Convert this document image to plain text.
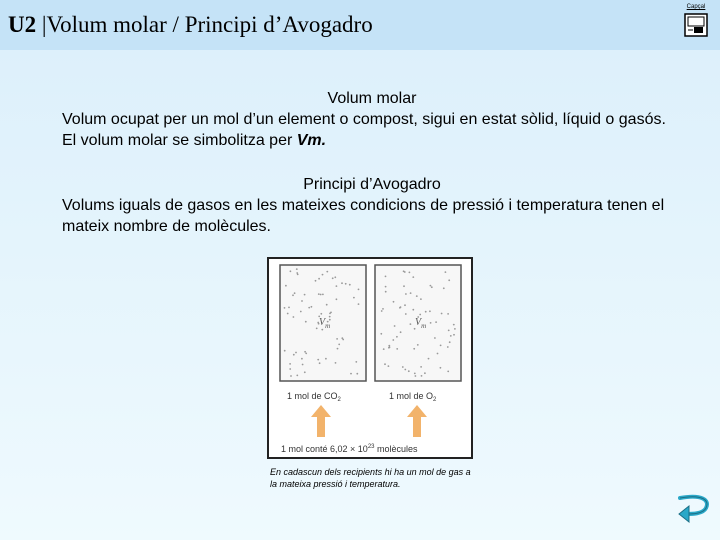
U2 |Volum molar / Principi d’Avogadro
Capçal
Volum molar
Volum ocupat per un mol d’un element o compost, sigui en estat sòlid, líquid o gasós. El volum molar se simbolitza per Vm.
Principi d’Avogadro
Volums iguals de gasos en les mateixes condicions de pressió i temperatura tenen el mateix nombre de molècules.
$V_m$	$V_m$
1 mol de $CO_2$	1 mol de $O_2$
1 mol conté $6,02 \times 10^{23}$ molècules
En cadascun dels recipients hi ha un mol de gas a la mateixa pressió i temperatura.
